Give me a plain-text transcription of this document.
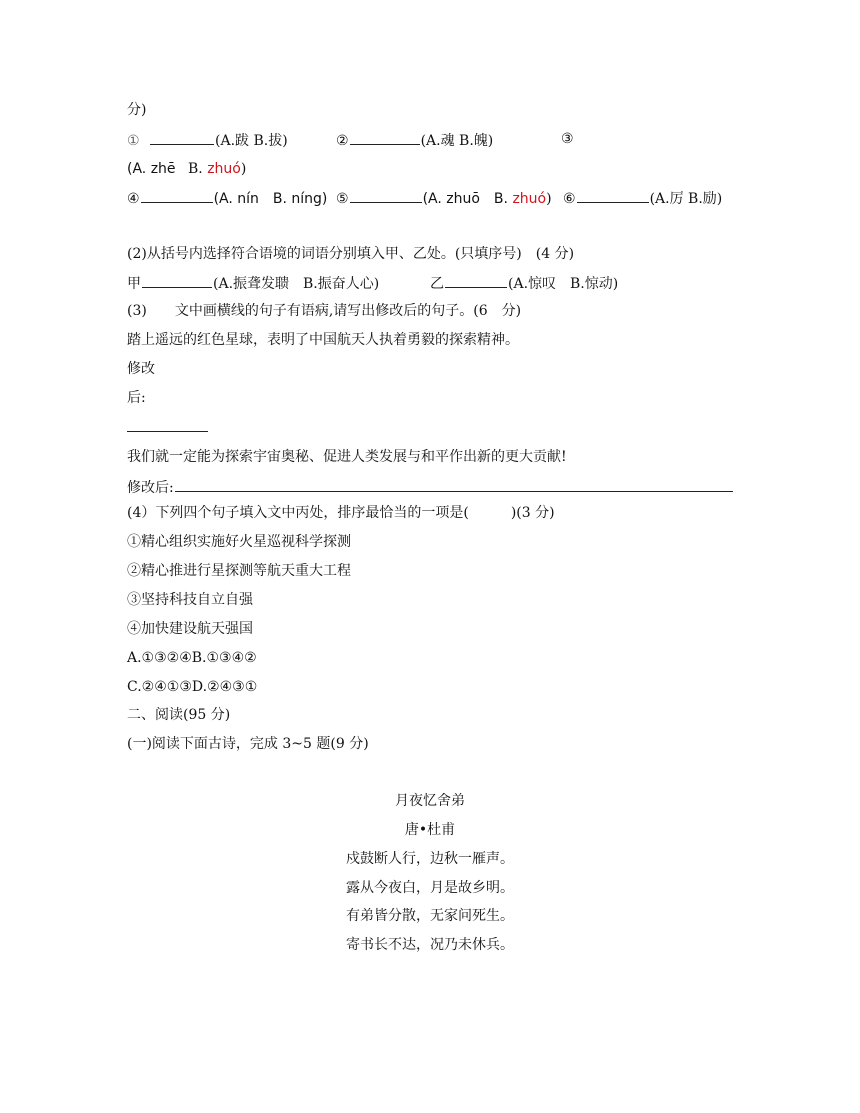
分)
①	(A.跋 B.拔)	②	(A.魂 B.魄)	③
(A. zhē B. zhuó)
④	(A. nín　B. níng) ⑤	(A. zhuō　B. zhuó) ⑥	(A.厉 B.励)
(2)从括号内选择符合语境的词语分别填入甲、乙处。(只填序号)　(4 分)
甲	(A.振聋发聩　B.振奋人心)	乙	(A.惊叹　B.惊动)
(3)　　文中画横线的句子有语病,请写出修改后的句子。(6　分)
踏上遥远的红色星球，表明了中国航天人执着勇毅的探索精神。
修改
后:
我们就一定能为探索宇宙奥秘、促进人类发展与和平作出新的更大贡献!
修改后:
(4）下列四个句子填入文中丙处，排序最恰当的一项是(　　　)(3 分)
①精心组织实施好火星巡视科学探测
②精心推进行星探测等航天重大工程
③坚持科技自立自强
④加快建设航天强国
A.①③②④B.①③④②
C.②④①③D.②④③①
二、阅读(95 分)
(一)阅读下面古诗，完成 3~5 题(9 分)
月夜忆舍弟
唐•杜甫
戍鼓断人行，边秋一雁声。
露从今夜白，月是故乡明。
有弟皆分散，无家问死生。
寄书长不达，况乃未休兵。
